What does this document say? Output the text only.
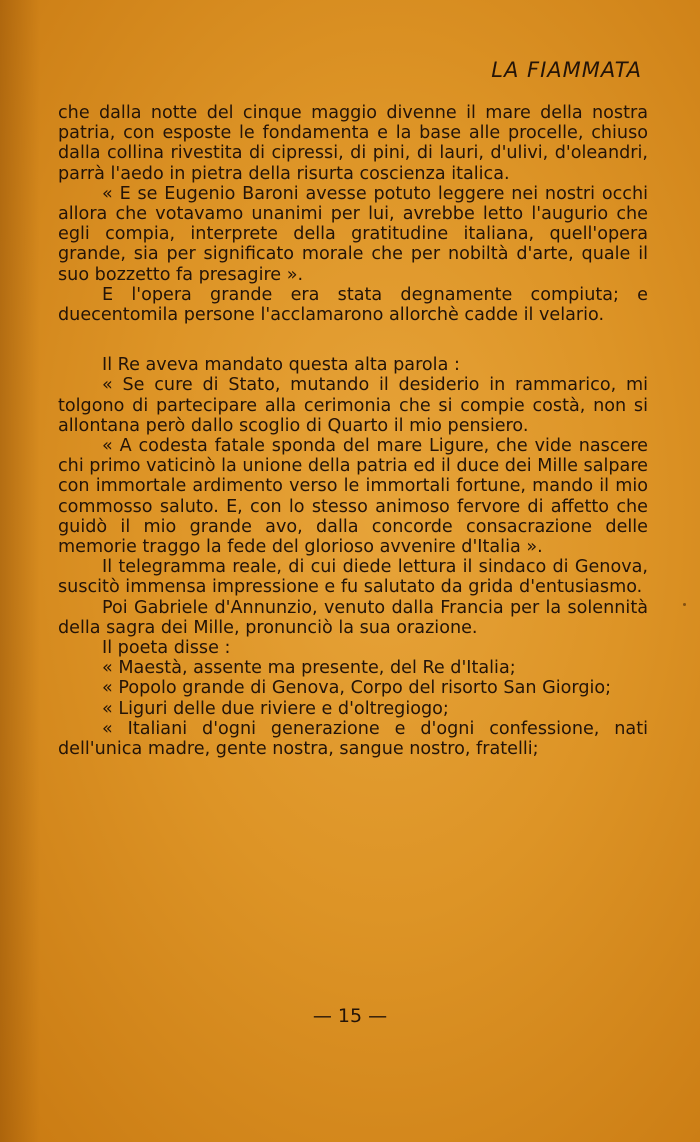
LA FIAMMATA

che dalla notte del cinque maggio divenne il mare della nostra patria, con esposte le fondamenta e la base alle procelle, chiuso dalla collina rivestita di cipressi, di pini, di lauri, d'ulivi, d'oleandri, parrà l'aedo in pietra della risurta coscienza italica.

« E se Eugenio Baroni avesse potuto leggere nei nostri occhi allora che votavamo unanimi per lui, avrebbe letto l'augurio che egli compia, interprete della gratitudine italiana, quell'opera grande, sia per significato morale che per nobiltà d'arte, quale il suo bozzetto fa presagire ».

E l'opera grande era stata degnamente compiuta; e duecentomila persone l'acclamarono allorchè cadde il velario.

Il Re aveva mandato questa alta parola :

« Se cure di Stato, mutando il desiderio in rammarico, mi tolgono di partecipare alla cerimonia che si compie costà, non si allontana però dallo scoglio di Quarto il mio pensiero.

« A codesta fatale sponda del mare Ligure, che vide nascere chi primo vaticinò la unione della patria ed il duce dei Mille salpare con immortale ardimento verso le immortali fortune, mando il mio commosso saluto. E, con lo stesso animoso fervore di affetto che guidò il mio grande avo, dalla concorde consacrazione delle memorie traggo la fede del glorioso avvenire d'Italia ».

Il telegramma reale, di cui diede lettura il sindaco di Genova, suscitò immensa impressione e fu salutato da grida d'entusiasmo.

Poi Gabriele d'Annunzio, venuto dalla Francia per la solennità della sagra dei Mille, pronunciò la sua orazione.

Il poeta disse :

« Maestà, assente ma presente, del Re d'Italia;

« Popolo grande di Genova, Corpo del risorto San Giorgio;

« Liguri delle due riviere e d'oltregiogo;

« Italiani d'ogni generazione e d'ogni confessione, nati dell'unica madre, gente nostra, sangue nostro, fratelli;

— 15 —
